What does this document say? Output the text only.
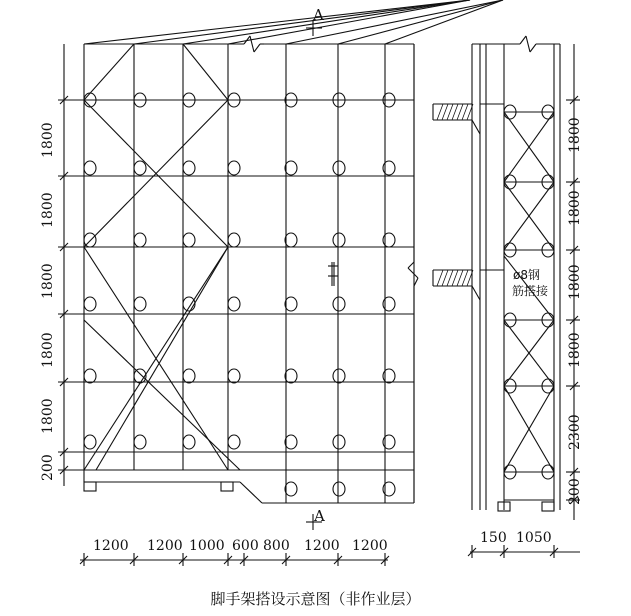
A
A
1800
1800
1800
1800
1800
200
1200 1200 1000 600 800 1200 1200
1800
1800
1800
1800
2300
200
150 1050
ø8钢
筋搭接
脚手架搭设示意图（非作业层）
